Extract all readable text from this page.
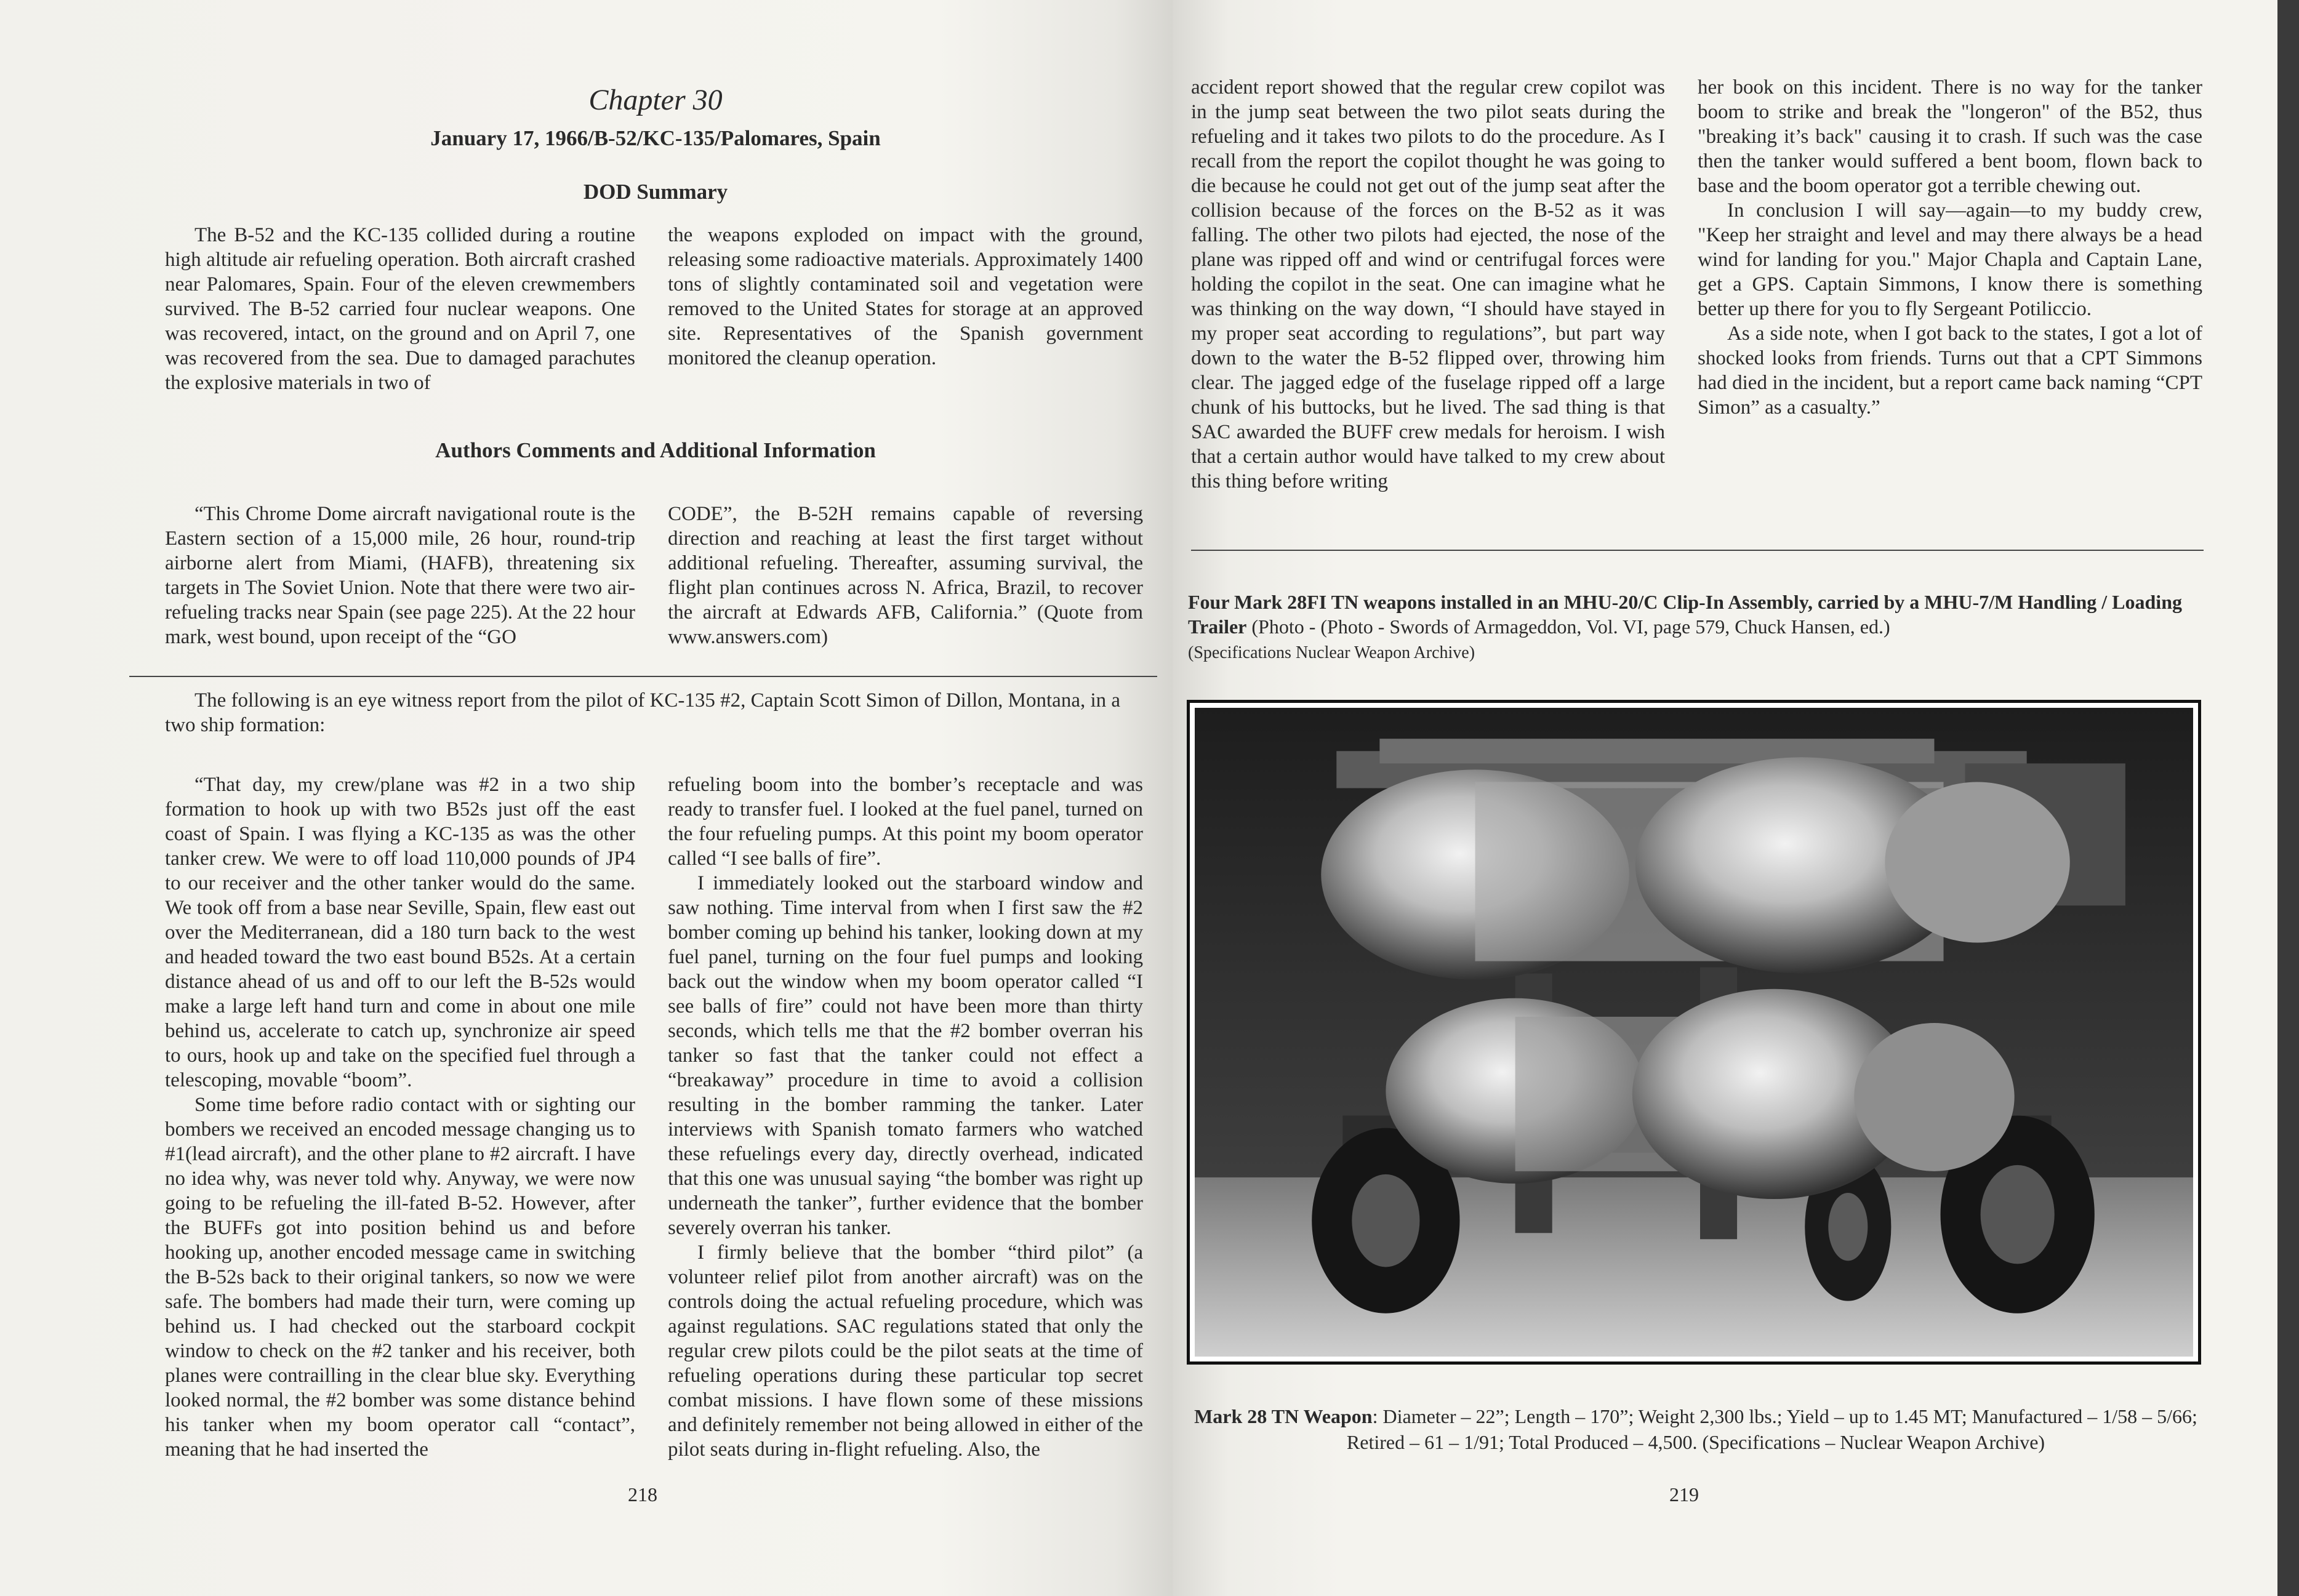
Chapter 30
January 17, 1966/B-52/KC-135/Palomares, Spain
DOD Summary

The B-52 and the KC-135 collided during a routine high altitude air refueling operation. Both aircraft crashed near Palomares, Spain. Four of the eleven crewmembers survived. The B-52 carried four nuclear weapons. One was recovered, intact, on the ground and on April 7, one was recovered from the sea. Due to damaged parachutes the explosive materials in two of

the weapons exploded on impact with the ground, releasing some radioactive materials. Approximately 1400 tons of slightly contaminated soil and vegetation were removed to the United States for storage at an approved site. Representatives of the Spanish government monitored the cleanup operation.

Authors Comments and Additional Information

“This Chrome Dome aircraft navigational route is the Eastern section of a 15,000 mile, 26 hour, round-trip airborne alert from Miami, (HAFB), threatening six targets in The Soviet Union. Note that there were two air-refueling tracks near Spain (see page 225). At the 22 hour mark, west bound, upon receipt of the “GO

CODE”, the B-52H remains capable of reversing direction and reaching at least the first target without additional refueling. Thereafter, assuming survival, the flight plan continues across N. Africa, Brazil, to recover the aircraft at Edwards AFB, California.” (Quote from www.answers.com)

The following is an eye witness report from the pilot of KC-135 #2, Captain Scott Simon of Dillon, Montana, in a two ship formation:

“That day, my crew/plane was #2 in a two ship formation to hook up with two B52s just off the east coast of Spain. I was flying a KC-135 as was the other tanker crew. We were to off load 110,000 pounds of JP4 to our receiver and the other tanker would do the same. We took off from a base near Seville, Spain, flew east out over the Mediterranean, did a 180 turn back to the west and headed toward the two east bound B52s. At a certain distance ahead of us and off to our left the B-52s would make a large left hand turn and come in about one mile behind us, accelerate to catch up, synchronize air speed to ours, hook up and take on the specified fuel through a telescoping, movable “boom”.

Some time before radio contact with or sighting our bombers we received an encoded message changing us to #1(lead aircraft), and the other plane to #2 aircraft. I have no idea why, was never told why. Anyway, we were now going to be refueling the ill-fated B-52. However, after the BUFFs got into position behind us and before hooking up, another encoded message came in switching the B-52s back to their original tankers, so now we were safe. The bombers had made their turn, were coming up behind us. I had checked out the starboard cockpit window to check on the #2 tanker and his receiver, both planes were contrailling in the clear blue sky. Everything looked normal, the #2 bomber was some distance behind his tanker when my boom operator call “contact”, meaning that he had inserted the

refueling boom into the bomber’s receptacle and was ready to transfer fuel. I looked at the fuel panel, turned on the four refueling pumps. At this point my boom operator called “I see balls of fire”.

I immediately looked out the starboard window and saw nothing. Time interval from when I first saw the #2 bomber coming up behind his tanker, looking down at my fuel panel, turning on the four fuel pumps and looking back out the window when my boom operator called “I see balls of fire” could not have been more than thirty seconds, which tells me that the #2 bomber overran his tanker so fast that the tanker could not effect a “breakaway” procedure in time to avoid a collision resulting in the bomber ramming the tanker. Later interviews with Spanish tomato farmers who watched these refuelings every day, directly overhead, indicated that this one was unusual saying “the bomber was right up underneath the tanker”, further evidence that the bomber severely overran his tanker.

I firmly believe that the bomber “third pilot” (a volunteer relief pilot from another aircraft) was on the controls doing the actual refueling procedure, which was against regulations. SAC regulations stated that only the regular crew pilots could be the pilot seats at the time of refueling operations during these particular top secret combat missions. I have flown some of these missions and definitely remember not being allowed in either of the pilot seats during in-flight refueling. Also, the

218

accident report showed that the regular crew copilot was in the jump seat between the two pilot seats during the refueling and it takes two pilots to do the procedure. As I recall from the report the copilot thought he was going to die because he could not get out of the jump seat after the collision because of the forces on the B-52 as it was falling. The other two pilots had ejected, the nose of the plane was ripped off and wind or centrifugal forces were holding the copilot in the seat. One can imagine what he was thinking on the way down, “I should have stayed in my proper seat according to regulations”, but part way down to the water the B-52 flipped over, throwing him clear. The jagged edge of the fuselage ripped off a large chunk of his buttocks, but he lived. The sad thing is that SAC awarded the BUFF crew medals for heroism. I wish that a certain author would have talked to my crew about this thing before writing

her book on this incident. There is no way for the tanker boom to strike and break the "longeron" of the B52, thus "breaking it’s back" causing it to crash. If such was the case then the tanker would suffered a bent boom, flown back to base and the boom operator got a terrible chewing out.

In conclusion I will say—again—to my buddy crew, "Keep her straight and level and may there always be a head wind for landing for you." Major Chapla and Captain Lane, get a GPS. Captain Simmons, I know there is something better up there for you to fly Sergeant Potiliccio.

As a side note, when I got back to the states, I got a lot of shocked looks from friends. Turns out that a CPT Simmons had died in the incident, but a report came back naming “CPT Simon” as a casualty.”

Four Mark 28FI TN weapons installed in an MHU-20/C Clip-In Assembly, carried by a MHU-7/M Handling / Loading Trailer (Photo - (Photo - Swords of Armageddon, Vol. VI, page 579, Chuck Hansen, ed.)
(Specifications Nuclear Weapon Archive)
Mark 28 TN Weapon: Diameter – 22”; Length – 170”; Weight 2,300 lbs.; Yield – up to 1.45 MT; Manufactured – 1/58 – 5/66; Retired – 61 – 1/91; Total Produced – 4,500. (Specifications – Nuclear Weapon Archive)
219
